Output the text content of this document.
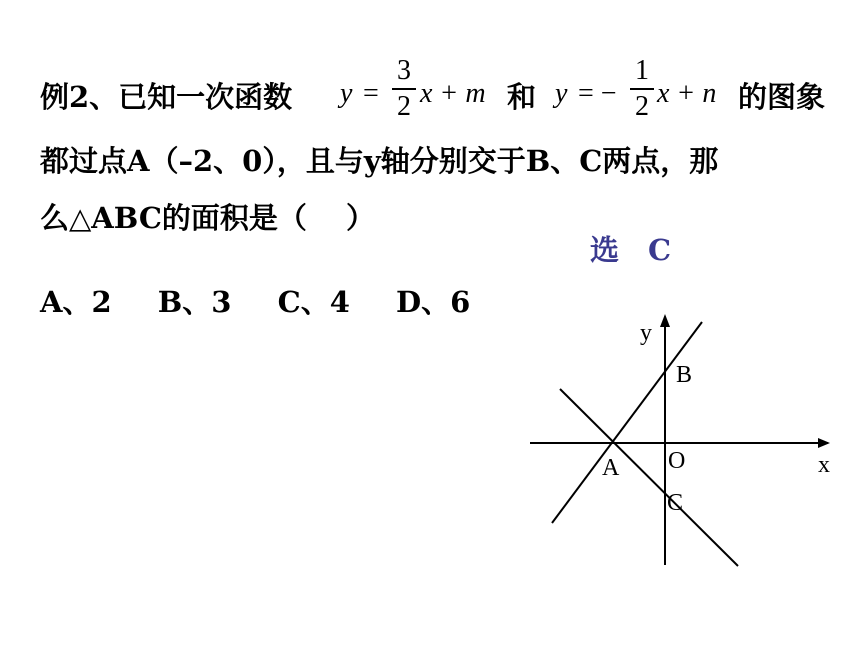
例2、已知一次函数 y =
3
2 x + m 和 y = −
1
2 x + n 的图象
都过点A（–2、0），且与y轴分别交于B、C两点，那
么△ABC的面积是（　 ）
选　C
A、2 B、3 C、4 D、6
y
B
O
A	x
C
